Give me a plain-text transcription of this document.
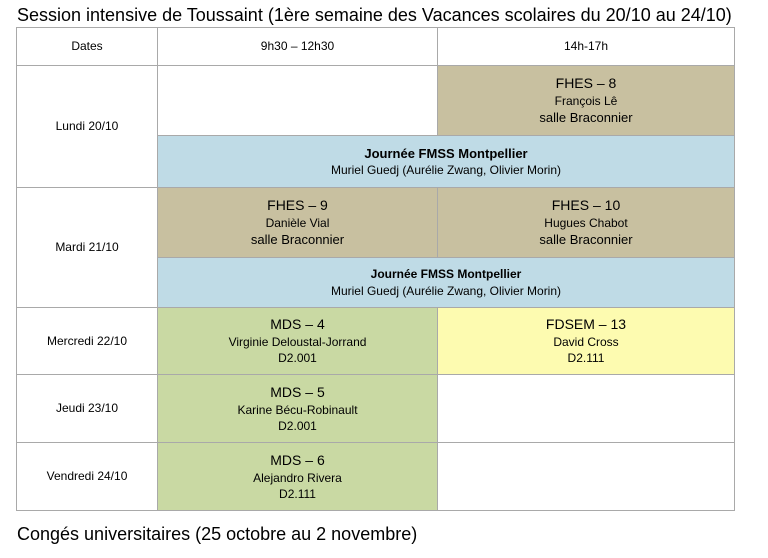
Session intensive de Toussaint (1ère semaine des Vacances scolaires du 20/10 au 24/10)
Dates	9h30 – 12h30	14h-17h
Lundi 20/10		FHES – 8
François Lê
salle Braconnier

	Journée FMSS Montpellier
Muriel Guedj (Aurélie Zwang, Olivier Morin)	

Mardi 21/10	FHES – 9
Danièle Vial
salle Braconnier	FHES – 10
Hugues Chabot
salle Braconnier

	Journée FMSS Montpellier
Muriel Guedj (Aurélie Zwang, Olivier Morin)	

Mercredi 22/10	MDS – 4
Virginie Deloustal-Jorrand
D2.001	FDSEM – 13
David Cross
D2.111

Jeudi 23/10	MDS – 5
Karine Bécu-Robinault
D2.001	

Vendredi 24/10	MDS – 6
Alejandro Rivera
D2.111	

Congés universitaires (25 octobre au 2 novembre)
